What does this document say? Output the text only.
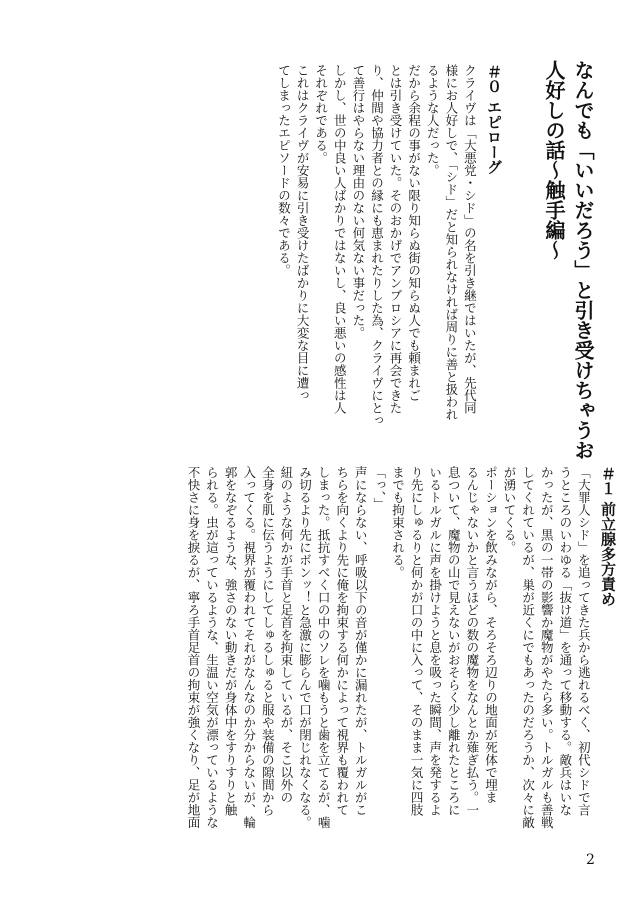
なんでも「いいだろう」と引き受けちゃうお
人好しの話～触手編～
＃０ エピローグ
クライヴは「大悪党・シド」の名を引き継ではいたが、先代同
様にお人好しで、「シド」だと知られなければ周りに善と扱われ
るような人だった。
だから余程の事がない限り知らぬ街の知らぬ人でも頼まれご
とは引き受けていた。そのおかげでアンブロシアに再会できた
り、仲間や協力者との縁にも恵まれたりした為、クライヴにとっ
て善行はやらない理由のない何気ない事だった。
しかし、世の中良い人ばかりではないし、良い悪いの感性は人
それぞれである。
これはクライヴが安易に引き受けたばかりに大変な目に遭っ
てしまったエピソードの数々である。
＃１ 前立腺多方責め
「大罪人シド」を追ってきた兵から逃れるべく、初代シドで言
うところのいわゆる「抜け道」を通って移動する。敵兵はいな
かったが、黒の一帯の影響か魔物がやたら多い。トルガルも善戦
してくれているが、巣が近くにでもあったのだろうか、次々に敵
が湧いてくる。
ポーションを飲みながら、そろそろ辺りの地面が死体で埋ま
るんじゃないかと言うほどの数の魔物をなんとか薙ぎ払う。一
息ついて、魔物の山で見えないがおそらく少し離れたところに
いるトルガルに声を掛けようと息を吸った瞬間、声を発するよ
り先にしゅるりと何かが口の中に入って、そのまま一気に四肢
までも拘束される。
「っ、」
声にならない、呼吸以下の音が僅かに漏れたが、トルガルがこ
ちらを向くより先に俺を拘束する何かによって視界も覆われて
しまった。抵抗すべく口の中のソレを噛もうと歯を立てるが、噛
み切るより先にボンッ！と急激に膨らんで口が閉じれなくなる。
紐のような何かが手首と足首を拘束しているが、そこ以外の
全身を肌に伝うようにしてしゅるしゅると服や装備の隙間から
入ってくる。視界が覆われてそれがなんなのか分からないが、輪
郭をなぞるような、強さのない動きだが身体中をすりすりと触
られる。虫が這っているような、生温い空気が漂っているような
不快さに身を捩るが、寧ろ手首足首の拘束が強くなり、足が地面
2
